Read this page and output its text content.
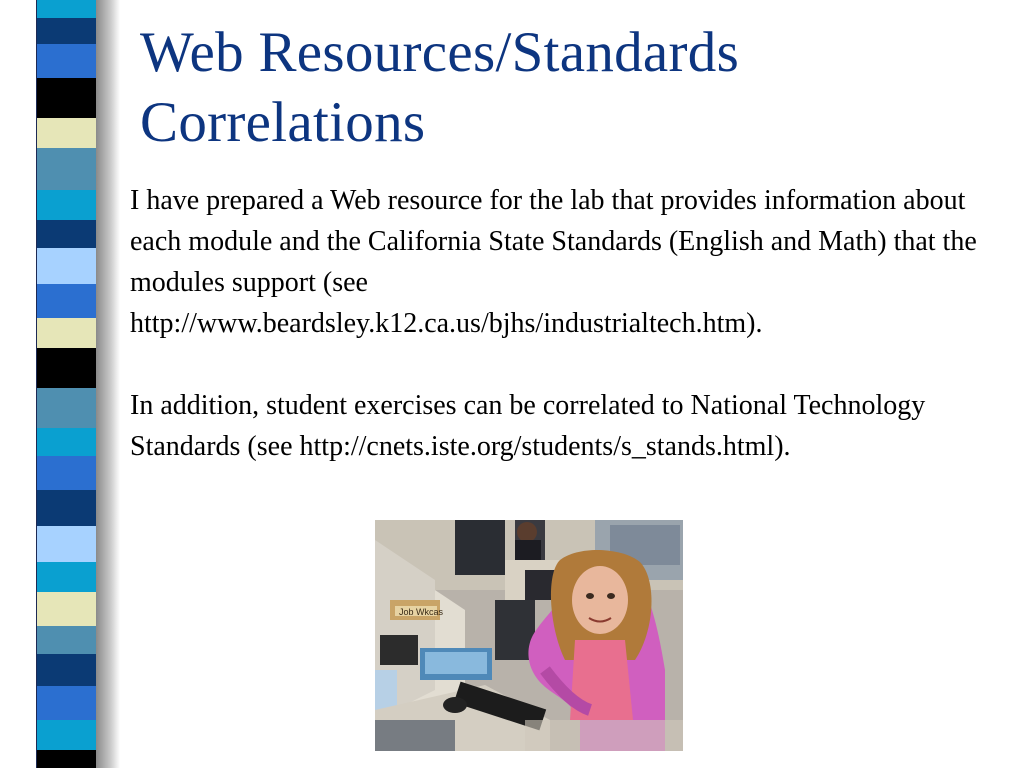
Web Resources/Standards Correlations

I have prepared a Web resource for the lab that provides information about each module and the California State Standards (English and Math) that the modules support (see http://www.beardsley.k12.ca.us/bjhs/industrialtech.htm).

In addition, student exercises can be correlated to National Technology Standards (see http://cnets.iste.org/students/s_stands.html).

Job Wkcas
